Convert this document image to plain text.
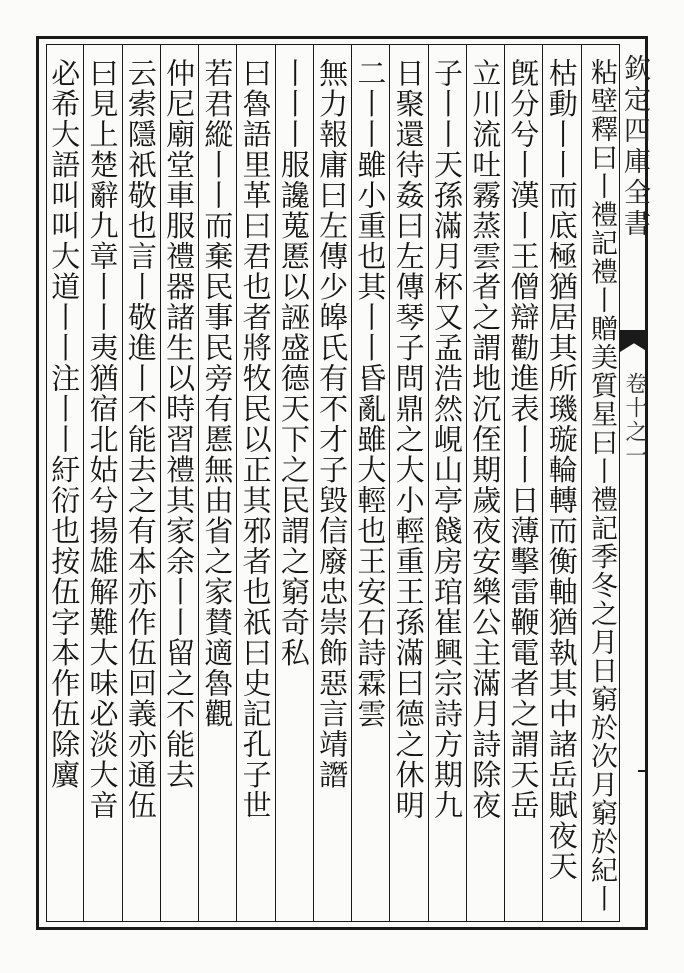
欽定四庫全書
卷十之一
粘壁釋曰丨禮記禮丨贈美質星曰丨禮記季冬之月日窮於次月窮於紀丨
枯動丨丨而底極猶居其所璣璇輪轉而衡軸猶執其中諸岳賦夜天
旣分兮丨漢丨王僧辯勸進表丨丨日薄擊雷鞭電者之謂天岳
立川流吐霧蒸雲者之謂地沉侄期歲夜安樂公主滿月詩除夜
子丨丨天孫滿月杯又孟浩然峴山亭餞房琯崔興宗詩方期九
日聚還待姦曰左傳琴子問鼎之大小輕重王孫滿曰德之休明
二丨丨雖小重也其丨丨昏亂雖大輕也王安石詩霖雲
無力報庸曰左傳少皞氏有不才子毀信廢忠崇飾惡言靖譖
丨丨丨服讒蒐慝以誣盛德天下之民謂之窮奇私
曰魯語里革曰君也者將牧民以正其邪者也祇曰史記孔子世
若君縱丨丨而棄民事民旁有慝無由省之家賛適魯觀
仲尼廟堂車服禮器諸生以時習禮其家余丨丨留之不能去
云索隱祇敬也言丨敬進丨不能去之有本亦作伍回義亦通伍
曰見上楚辭九章丨丨夷猶宿北姑兮揚雄解難大味必淡大音
必希大語叫叫大道丨丨注丨丨紆衍也按伍字本作伍除㢞
